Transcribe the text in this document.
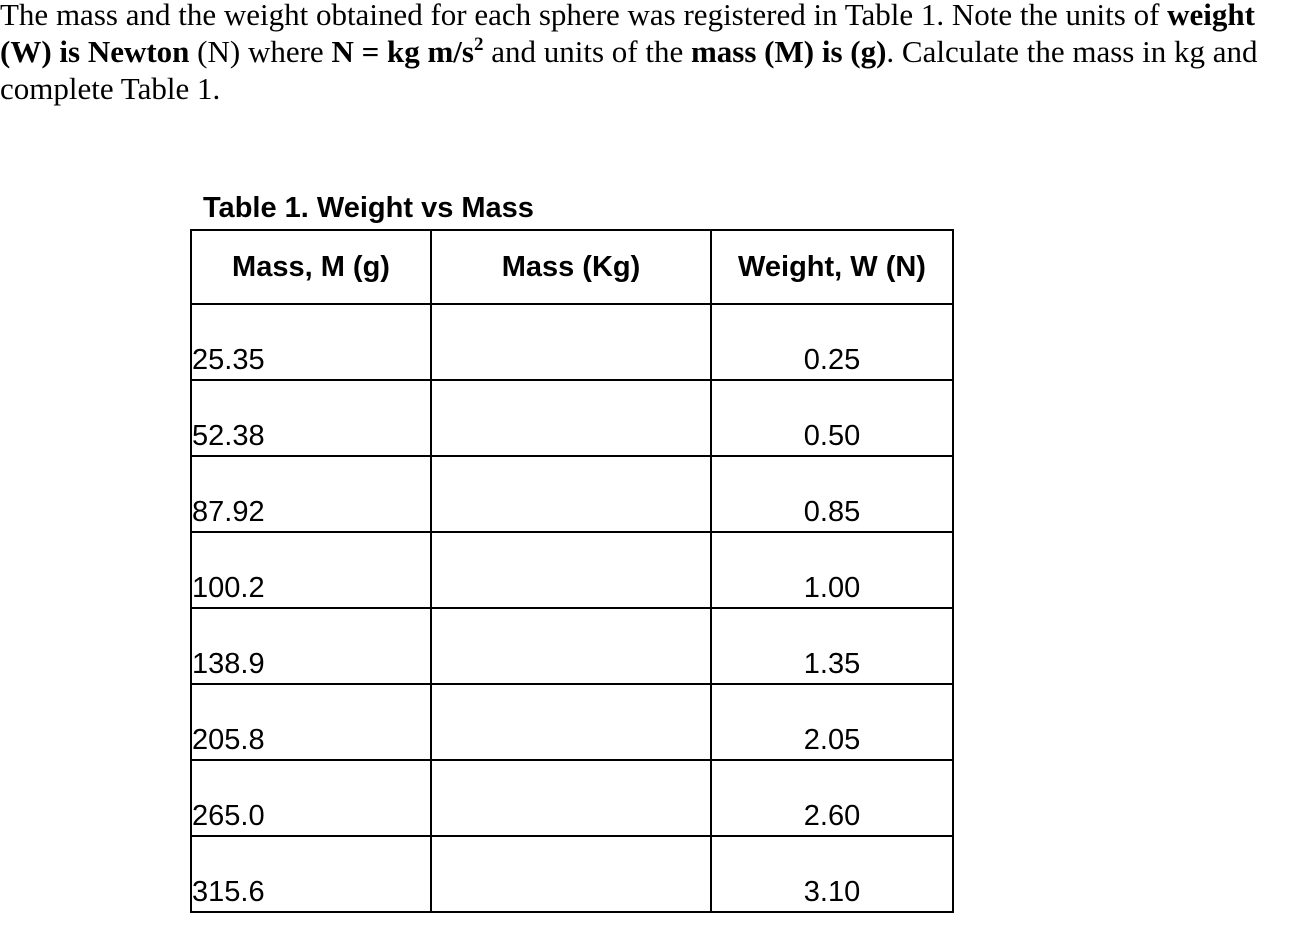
The mass and the weight obtained for each sphere was registered in Table 1. Note the units of weight (W) is Newton (N) where N = kg $m/s^2$ and units of the mass (M) is (g). Calculate the mass in kg and complete Table 1.

Table 1. Weight vs Mass

Mass, M (g)	Mass (Kg)	Weight, W (N)
25.35		0.25
52.38		0.50
87.92		0.85
100.2		1.00
138.9		1.35
205.8		2.05
265.0		2.60
315.6		3.10
